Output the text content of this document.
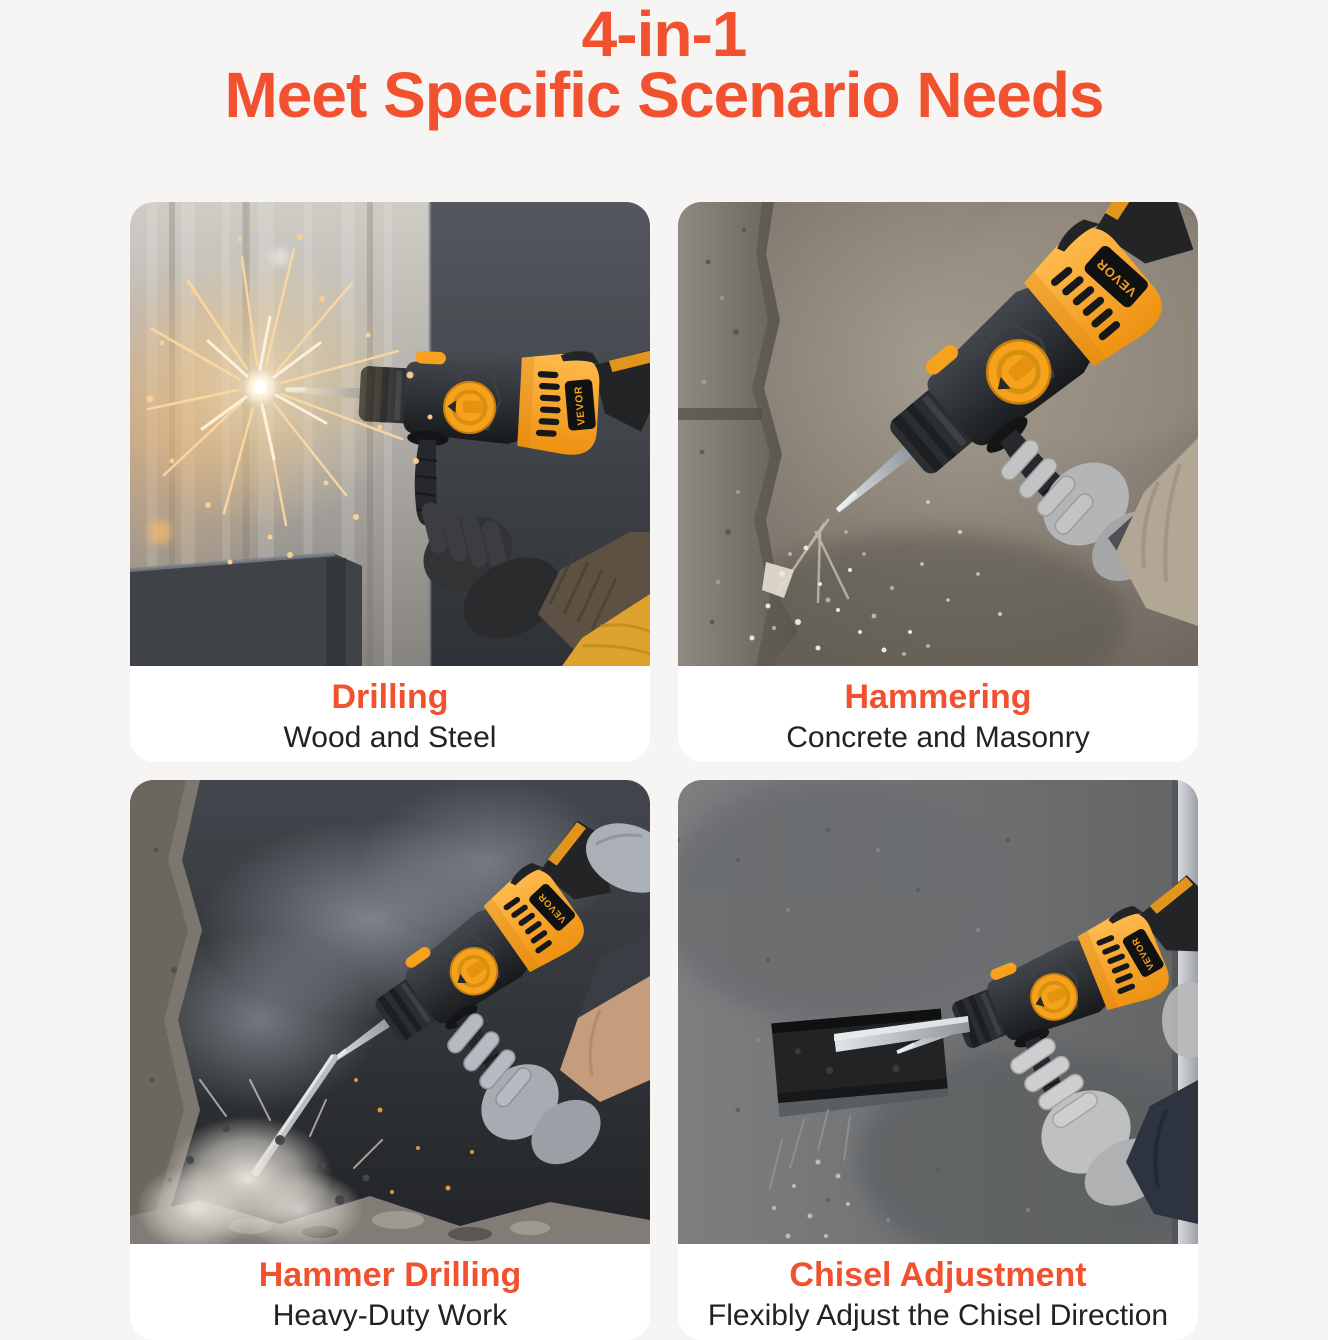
4-in-1
Meet Specific Scenario Needs
Drilling

Wood and Steel

Hammering

Concrete and Masonry

Hammer Drilling

Heavy-Duty Work

Chisel Adjustment

Flexibly Adjust the Chisel Direction
